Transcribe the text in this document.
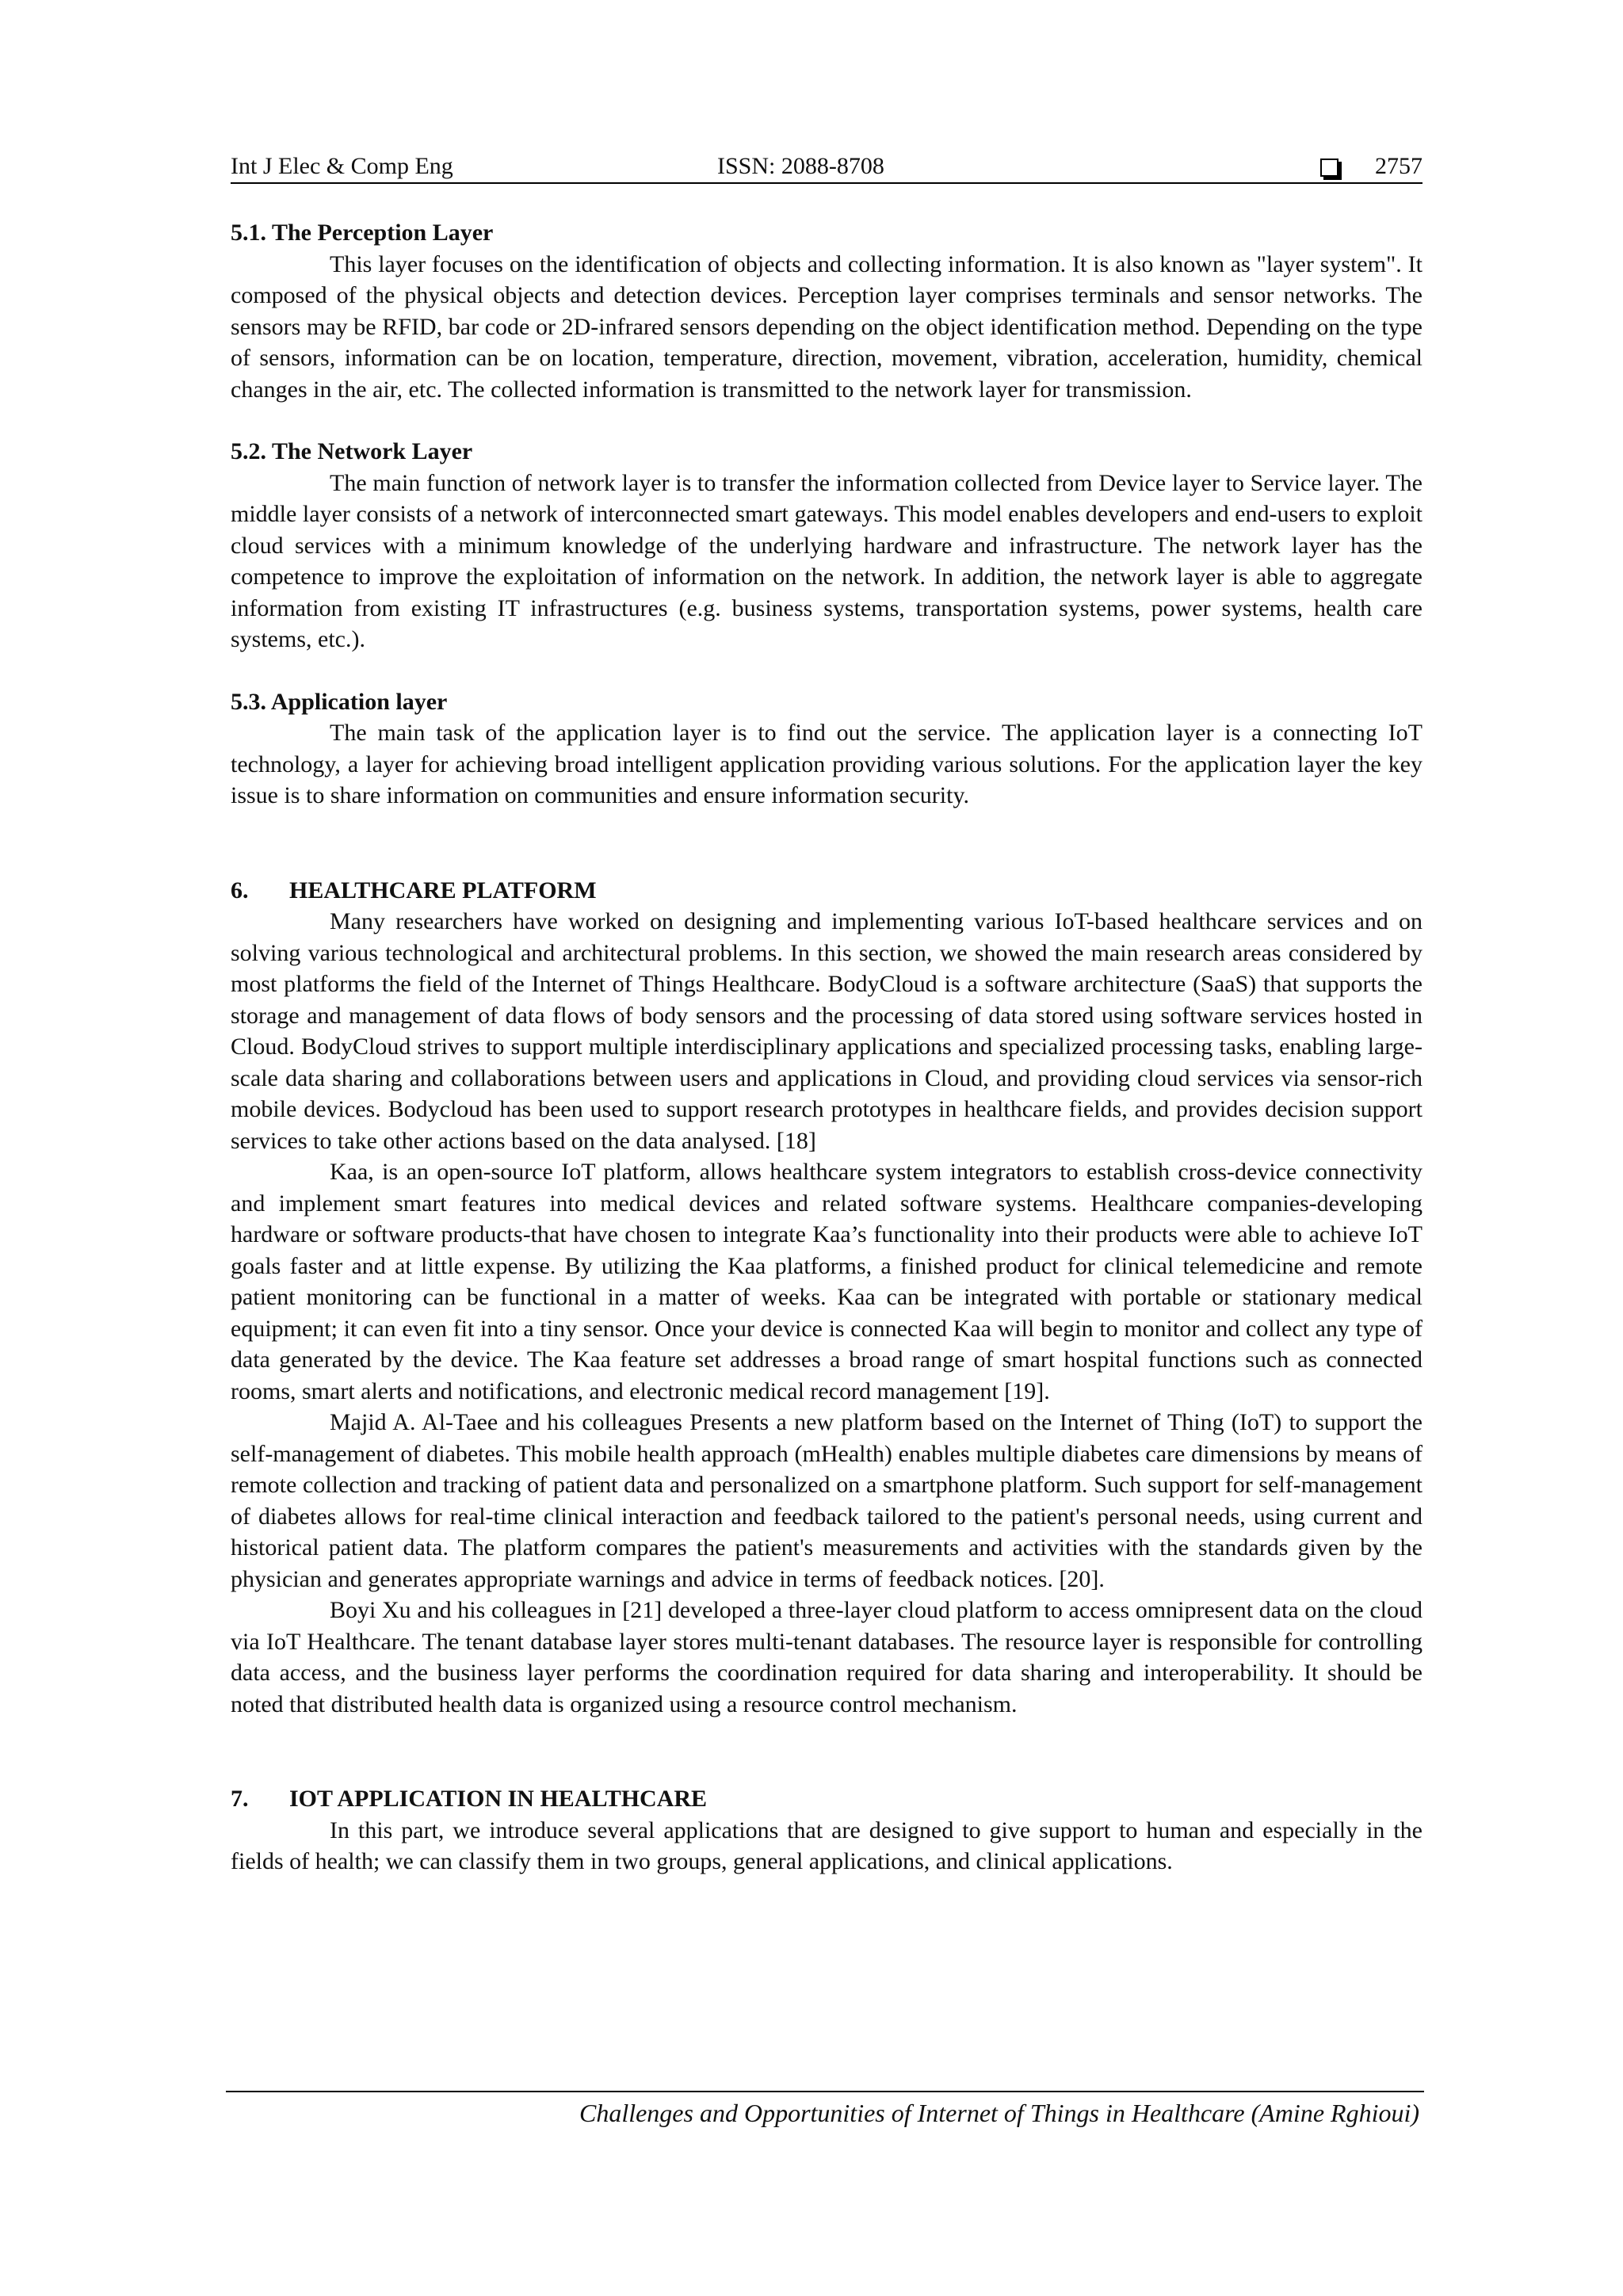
Int J Elec & Comp Eng	ISSN: 2088-8708	2757

5.1. The Perception Layer

This layer focuses on the identification of objects and collecting information. It is also known as "layer system". It composed of the physical objects and detection devices. Perception layer comprises terminals and sensor networks. The sensors may be RFID, bar code or 2D-infrared sensors depending on the object identification method. Depending on the type of sensors, information can be on location, temperature, direction, movement, vibration, acceleration, humidity, chemical changes in the air, etc. The collected information is transmitted to the network layer for transmission.

5.2. The Network Layer

The main function of network layer is to transfer the information collected from Device layer to Service layer. The middle layer consists of a network of interconnected smart gateways. This model enables developers and end-users to exploit cloud services with a minimum knowledge of the underlying hardware and infrastructure. The network layer has the competence to improve the exploitation of information on the network. In addition, the network layer is able to aggregate information from existing IT infrastructures (e.g. business systems, transportation systems, power systems, health care systems, etc.).

5.3. Application layer

The main task of the application layer is to find out the service. The application layer is a connecting IoT technology, a layer for achieving broad intelligent application providing various solutions. For the application layer the key issue is to share information on communities and ensure information security.

6.	HEALTHCARE PLATFORM

Many researchers have worked on designing and implementing various IoT-based healthcare services and on solving various technological and architectural problems. In this section, we showed the main research areas considered by most platforms the field of the Internet of Things Healthcare. BodyCloud is a software architecture (SaaS) that supports the storage and management of data flows of body sensors and the processing of data stored using software services hosted in Cloud. BodyCloud strives to support multiple interdisciplinary applications and specialized processing tasks, enabling large-scale data sharing and collaborations between users and applications in Cloud, and providing cloud services via sensor-rich mobile devices. Bodycloud has been used to support research prototypes in healthcare fields, and provides decision support services to take other actions based on the data analysed. [18]

Kaa, is an open-source IoT platform, allows healthcare system integrators to establish cross-device connectivity and implement smart features into medical devices and related software systems. Healthcare companies-developing hardware or software products-that have chosen to integrate Kaa’s functionality into their products were able to achieve IoT goals faster and at little expense. By utilizing the Kaa platforms, a finished product for clinical telemedicine and remote patient monitoring can be functional in a matter of weeks. Kaa can be integrated with portable or stationary medical equipment; it can even fit into a tiny sensor. Once your device is connected Kaa will begin to monitor and collect any type of data generated by the device. The Kaa feature set addresses a broad range of smart hospital functions such as connected rooms, smart alerts and notifications, and electronic medical record management [19].

Majid A. Al-Taee and his colleagues Presents a new platform based on the Internet of Thing (IoT) to support the self-management of diabetes. This mobile health approach (mHealth) enables multiple diabetes care dimensions by means of remote collection and tracking of patient data and personalized on a smartphone platform. Such support for self-management of diabetes allows for real-time clinical interaction and feedback tailored to the patient's personal needs, using current and historical patient data. The platform compares the patient's measurements and activities with the standards given by the physician and generates appropriate warnings and advice in terms of feedback notices. [20].

Boyi Xu and his colleagues in [21] developed a three-layer cloud platform to access omnipresent data on the cloud via IoT Healthcare. The tenant database layer stores multi-tenant databases. The resource layer is responsible for controlling data access, and the business layer performs the coordination required for data sharing and interoperability. It should be noted that distributed health data is organized using a resource control mechanism.

7.	IOT APPLICATION IN HEALTHCARE

In this part, we introduce several applications that are designed to give support to human and especially in the fields of health; we can classify them in two groups, general applications, and clinical applications.

Challenges and Opportunities of Internet of Things in Healthcare (Amine Rghioui)
